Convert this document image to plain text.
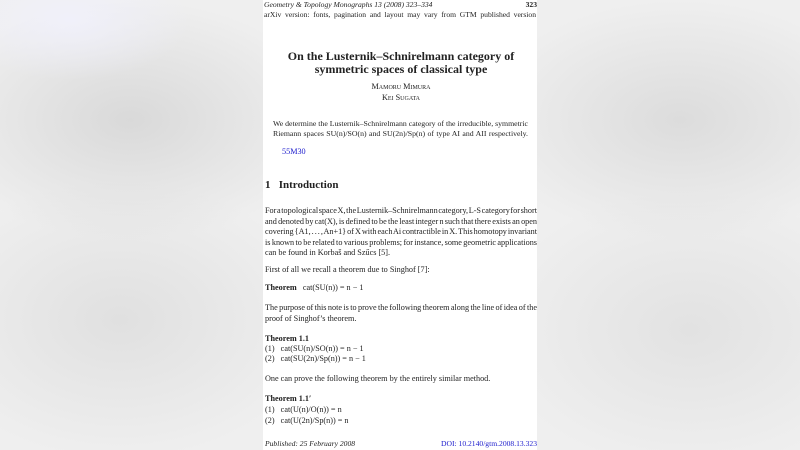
Geometry & Topology Monographs 13 (2008) 323–334	323
arXiv version: fonts, pagination and layout may vary from GTM published version
On the Lusternik–Schnirelmann category of
symmetric spaces of classical type
Mamoru Mimura
Kei Sugata
We determine the Lusternik–Schnirelmann category of the irreducible, symmetric
Riemann spaces SU(n)/SO(n) and SU(2n)/Sp(n) of type AI and AII respectively.
55M30
1 Introduction
For a topological space X, the Lusternik–Schnirelmann category, L-S category for short
and denoted by cat(X), is defined to be the least integer n such that there exists an open
covering {A1, . . . , An+1} of X with each Ai contractible in X. This homotopy invariant
is known to be related to various problems; for instance, some geometric applications
can be found in Korbaš and Szűcs [5].
First of all we recall a theorem due to Singhof [7]:
Theorem cat(SU(n)) = n − 1
The purpose of this note is to prove the following theorem along the line of idea of the
proof of Singhof’s theorem.
Theorem 1.1
(1)   cat(SU(n)/SO(n)) = n − 1
(2)   cat(SU(2n)/Sp(n)) = n − 1
One can prove the following theorem by the entirely similar method.
Theorem 1.1′
(1)   cat(U(n)/O(n)) = n
(2)   cat(U(2n)/Sp(n)) = n
Published: 25 February 2008	DOI: 10.2140/gtm.2008.13.323
